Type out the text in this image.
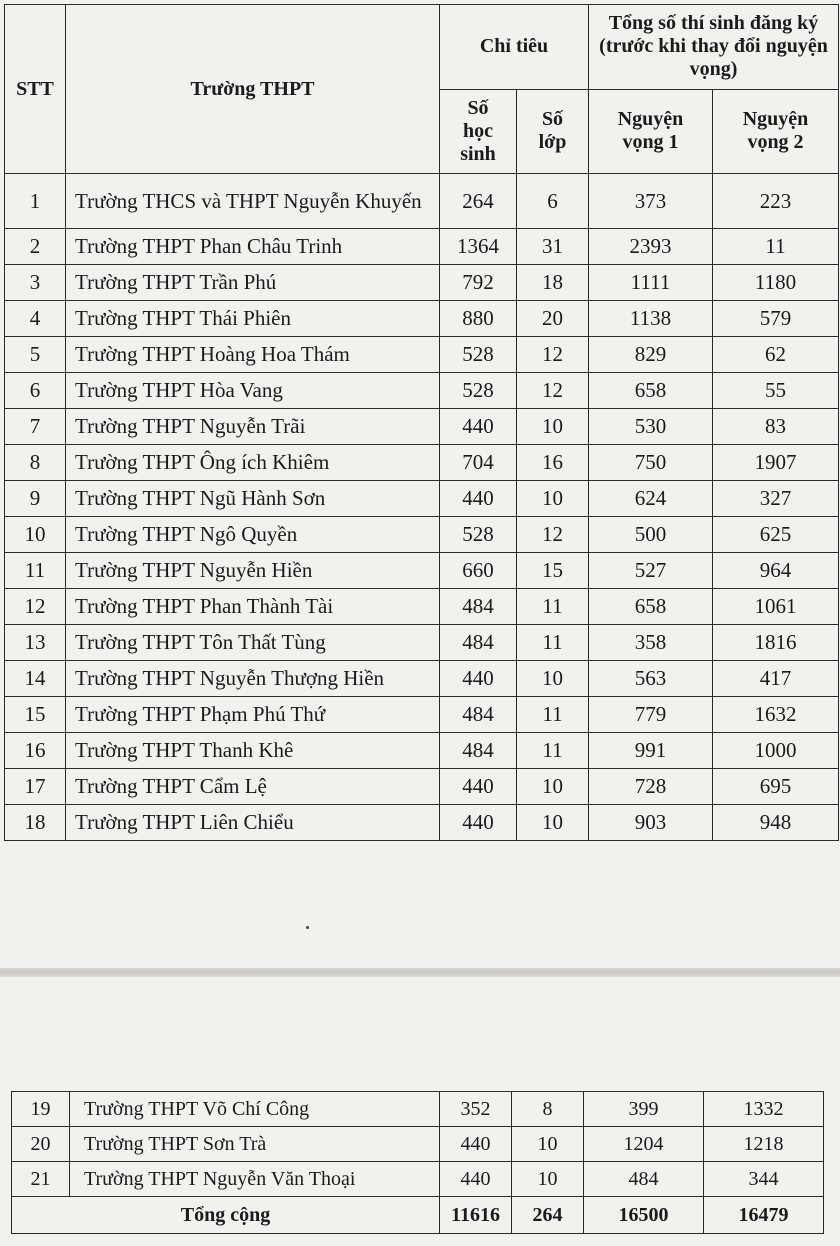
STT	Trường THPT	Chỉ tiêu		Tổng số thí sinh đăng ký (trước khi thay đổi nguyện vọng)	
		Số học sinh	Số lớp	Nguyện vọng 1	Nguyện vọng 2
1	Trường THCS và THPT Nguyễn Khuyến	264	6	373	223
2	Trường THPT Phan Châu Trinh	1364	31	2393	11
3	Trường THPT Trần Phú	792	18	1111	1180
4	Trường THPT Thái Phiên	880	20	1138	579
5	Trường THPT Hoàng Hoa Thám	528	12	829	62
6	Trường THPT Hòa Vang	528	12	658	55
7	Trường THPT Nguyễn Trãi	440	10	530	83
8	Trường THPT Ông ích Khiêm	704	16	750	1907
9	Trường THPT Ngũ Hành Sơn	440	10	624	327
10	Trường THPT Ngô Quyền	528	12	500	625
11	Trường THPT Nguyễn Hiền	660	15	527	964
12	Trường THPT Phan Thành Tài	484	11	658	1061
13	Trường THPT Tôn Thất Tùng	484	11	358	1816
14	Trường THPT Nguyễn Thượng Hiền	440	10	563	417
15	Trường THPT Phạm Phú Thứ	484	11	779	1632
16	Trường THPT Thanh Khê	484	11	991	1000
17	Trường THPT Cẩm Lệ	440	10	728	695
18	Trường THPT Liên Chiểu	440	10	903	948
19	Trường THPT Võ Chí Công	352	8	399	1332
20	Trường THPT Sơn Trà	440	10	1204	1218
21	Trường THPT Nguyễn Văn Thoại	440	10	484	344
Tổng cộng		11616	264	16500	16479
